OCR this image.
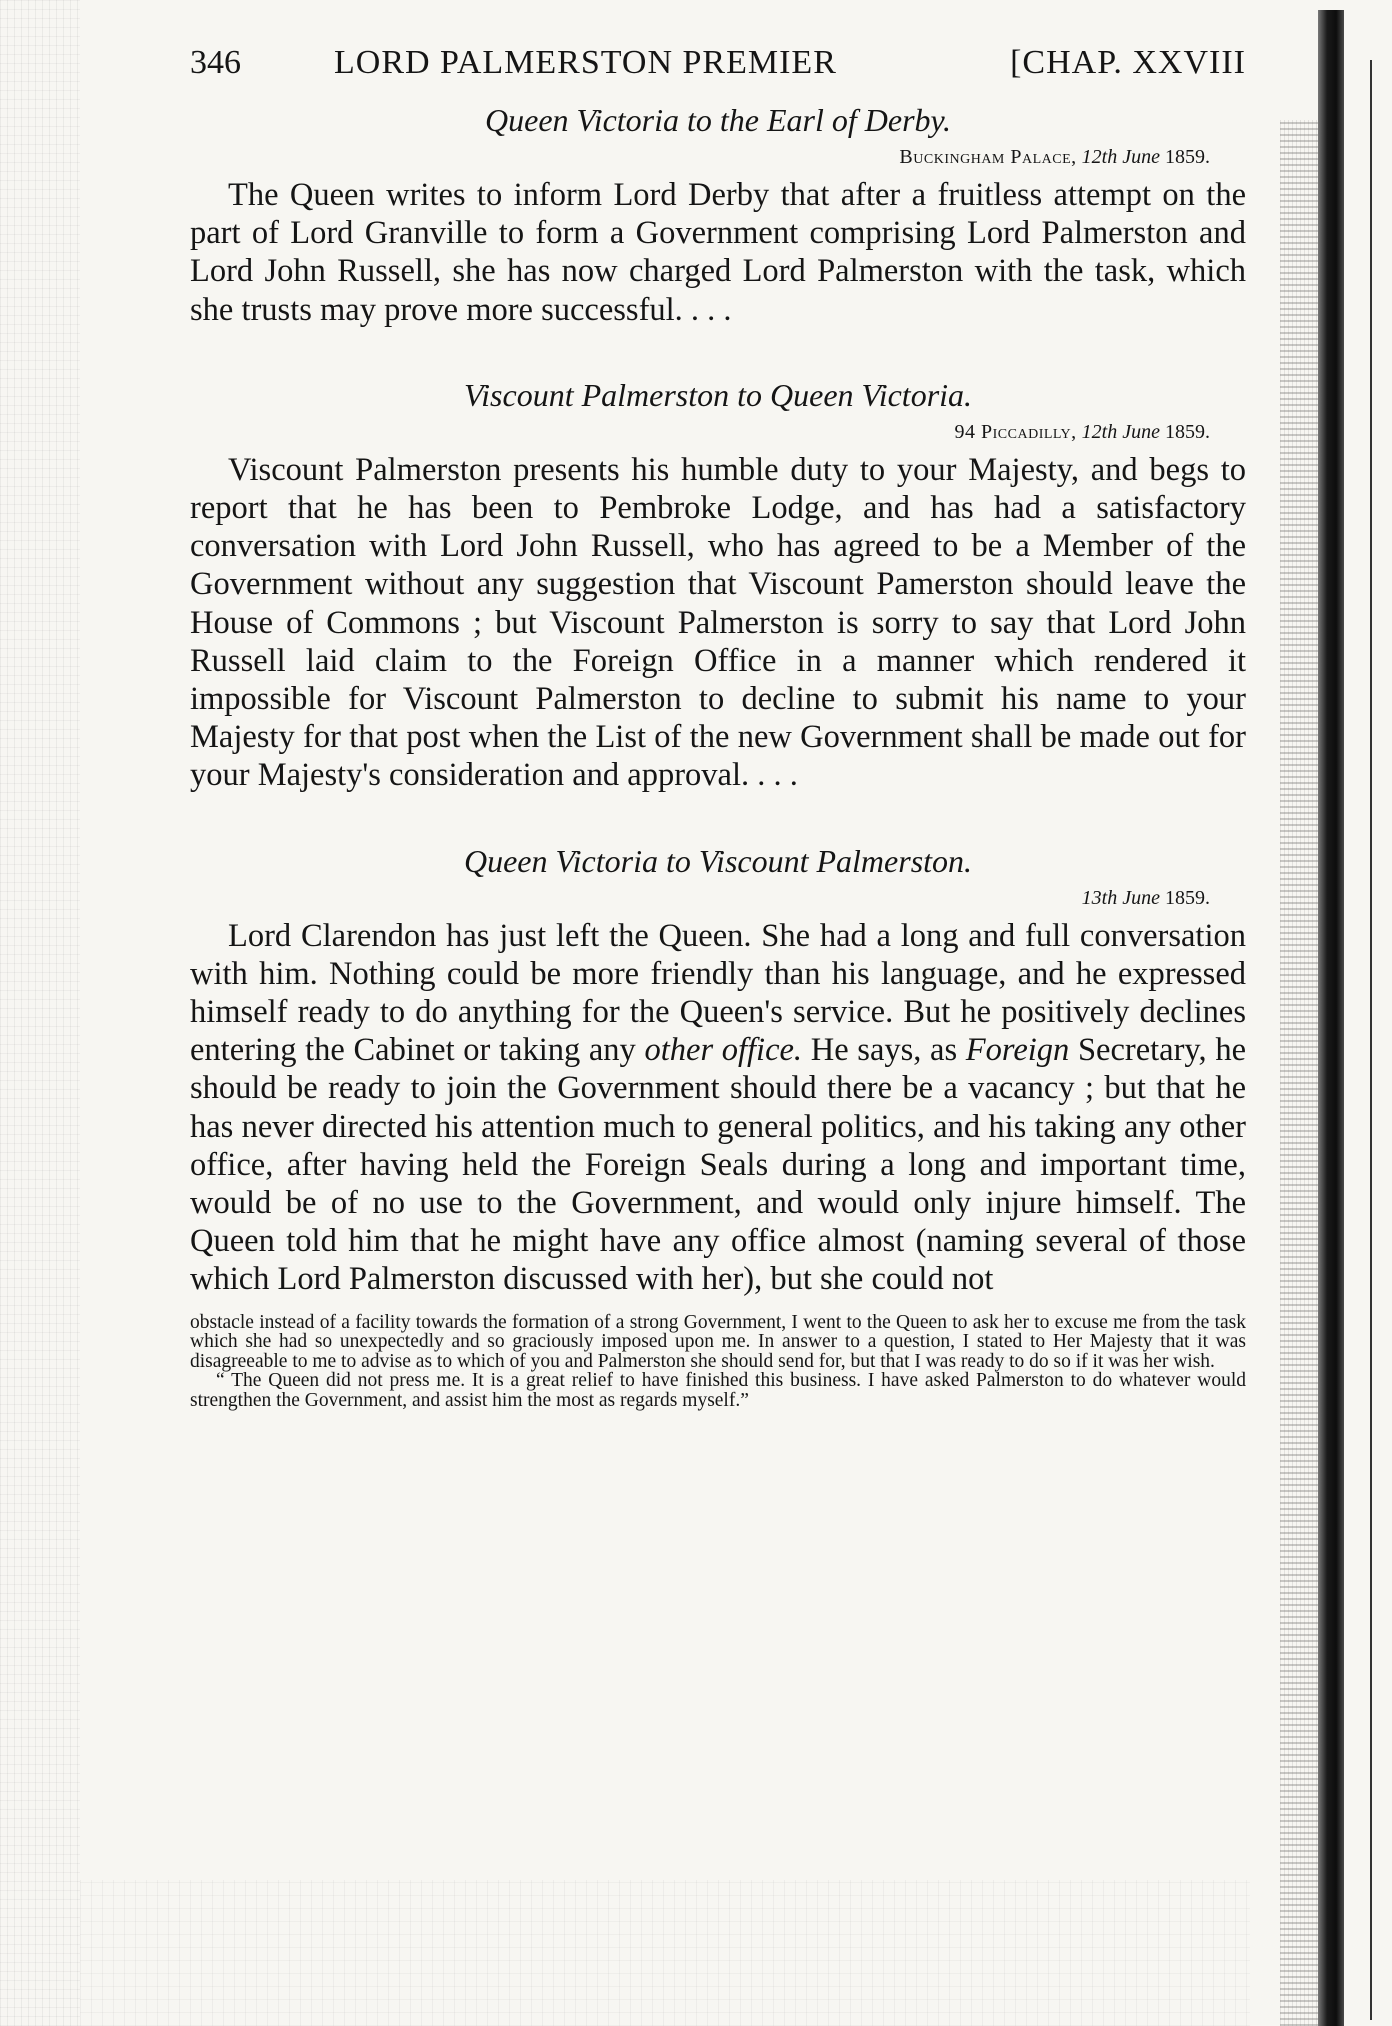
346	LORD PALMERSTON PREMIER	[CHAP. XXVIII

Queen Victoria to the Earl of Derby.

Buckingham Palace, 12th June 1859.

The Queen writes to inform Lord Derby that after a fruitless attempt on the part of Lord Granville to form a Government comprising Lord Palmerston and Lord John Russell, she has now charged Lord Palmerston with the task, which she trusts may prove more successful. . . .

Viscount Palmerston to Queen Victoria.

94 Piccadilly, 12th June 1859.

Viscount Palmerston presents his humble duty to your Majesty, and begs to report that he has been to Pembroke Lodge, and has had a satisfactory conversation with Lord John Russell, who has agreed to be a Member of the Government without any suggestion that Viscount Pamerston should leave the House of Commons ; but Viscount Palmerston is sorry to say that Lord John Russell laid claim to the Foreign Office in a manner which rendered it impossible for Viscount Palmerston to decline to submit his name to your Majesty for that post when the List of the new Government shall be made out for your Majesty's consideration and approval. . . .

Queen Victoria to Viscount Palmerston.

13th June 1859.

Lord Clarendon has just left the Queen. She had a long and full conversation with him. Nothing could be more friendly than his language, and he expressed himself ready to do anything for the Queen's service. But he positively declines entering the Cabinet or taking any other office. He says, as Foreign Secretary, he should be ready to join the Government should there be a vacancy ; but that he has never directed his attention much to general politics, and his taking any other office, after having held the Foreign Seals during a long and important time, would be of no use to the Government, and would only injure himself. The Queen told him that he might have any office almost (naming several of those which Lord Palmerston discussed with her), but she could not

obstacle instead of a facility towards the formation of a strong Government, I went to the Queen to ask her to excuse me from the task which she had so unexpectedly and so graciously imposed upon me. In answer to a question, I stated to Her Majesty that it was disagreeable to me to advise as to which of you and Palmerston she should send for, but that I was ready to do so if it was her wish.

“ The Queen did not press me. It is a great relief to have finished this business. I have asked Palmerston to do whatever would strengthen the Government, and assist him the most as regards myself.”
